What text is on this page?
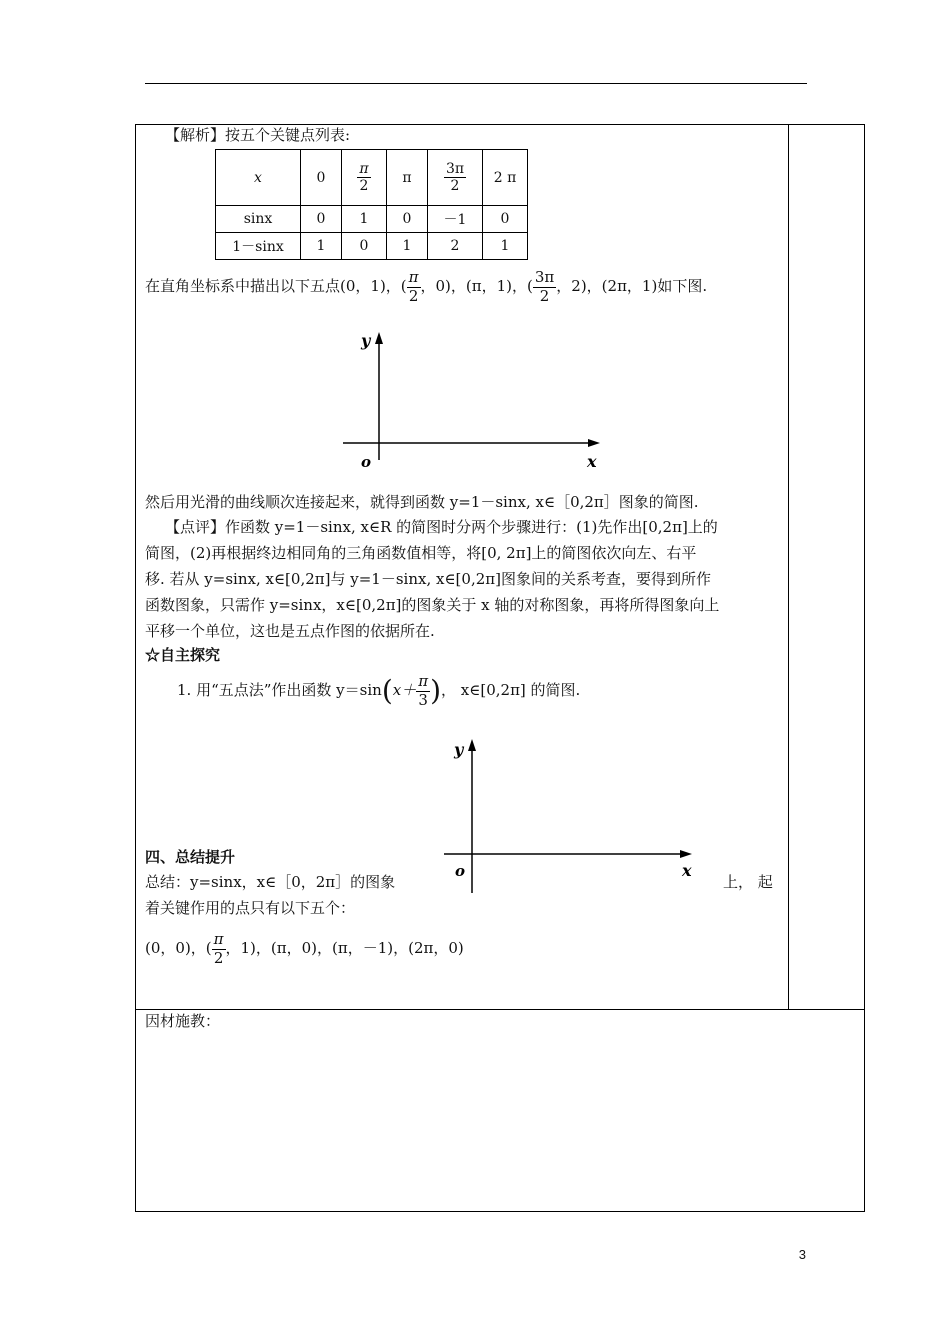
【解析】按五个关键点列表:
x	0	$\frac{\pi}{2}$	π	$\frac{3\pi}{2}$	2 π
sinx	0	1	0	－1	0
1－sinx	1	0	1	2	1
在直角坐标系中描出以下五点(0，1)，( $\frac{\pi}{2}$ ，0)，(π，1)，( $\frac{3\pi}{2}$ ，2)，(2π，1)如下图.
y
o	x
然后用光滑的曲线顺次连接起来，就得到函数 y=1－sinx, x∈［0,2π］图象的简图.
【点评】作函数 y=1－sinx, x∈R 的简图时分两个步骤进行：(1)先作出[0,2π]上的
简图，(2)再根据终边相同角的三角函数值相等，将[0, 2π]上的简图依次向左、右平
移. 若从 y=sinx, x∈[0,2π]与 y=1－sinx, x∈[0,2π]图象间的关系考查，要得到所作
函数图象，只需作 y=sinx，x∈[0,2π]的图象关于 x 轴的对称图象，再将所得图象向上
平移一个单位，这也是五点作图的依据所在.
☆自主探究
1. 用“五点法”作出函数 $y=\sin(x+ \frac{\pi}{3}$ )， x∈[0,2π] 的简图.
y
o	x
四、总结提升
总结：y=sinx，x∈［0，2π］的图象	上， 起
着关键作用的点只有以下五个：
(0，0)，( $\frac{\pi}{2}$ ，1)，(π，0)，(π，－1)，(2π，0)
因材施教：
3
